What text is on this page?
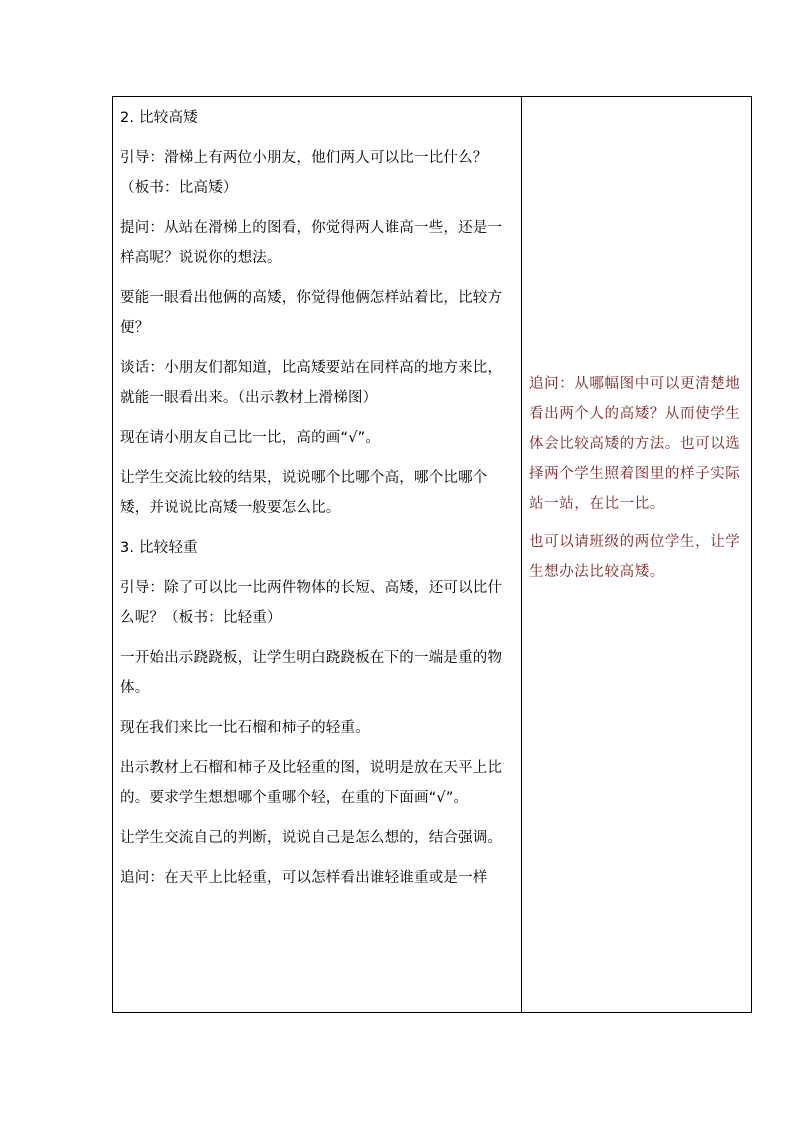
2. 比较高矮

引导：滑梯上有两位小朋友，他们两人可以比一比什么？（板书：比高矮）

提问：从站在滑梯上的图看，你觉得两人谁高一些，还是一样高呢？说说你的想法。

要能一眼看出他俩的高矮，你觉得他俩怎样站着比，比较方便？

谈话：小朋友们都知道，比高矮要站在同样高的地方来比，就能一眼看出来。（出示教材上滑梯图）

现在请小朋友自己比一比，高的画“√”。

让学生交流比较的结果，说说哪个比哪个高，哪个比哪个矮，并说说比高矮一般要怎么比。

3. 比较轻重

引导：除了可以比一比两件物体的长短、高矮，还可以比什么呢？（板书：比轻重）

一开始出示跷跷板，让学生明白跷跷板在下的一端是重的物体。

现在我们来比一比石榴和柿子的轻重。

出示教材上石榴和柿子及比轻重的图，说明是放在天平上比的。要求学生想想哪个重哪个轻，在重的下面画“√”。

让学生交流自己的判断，说说自己是怎么想的，结合强调。

追问：在天平上比轻重，可以怎样看出谁轻谁重或是一样

追问：从哪幅图中可以更清楚地看出两个人的高矮？从而使学生体会比较高矮的方法。也可以选择两个学生照着图里的样子实际站一站，在比一比。

也可以请班级的两位学生，让学生想办法比较高矮。
